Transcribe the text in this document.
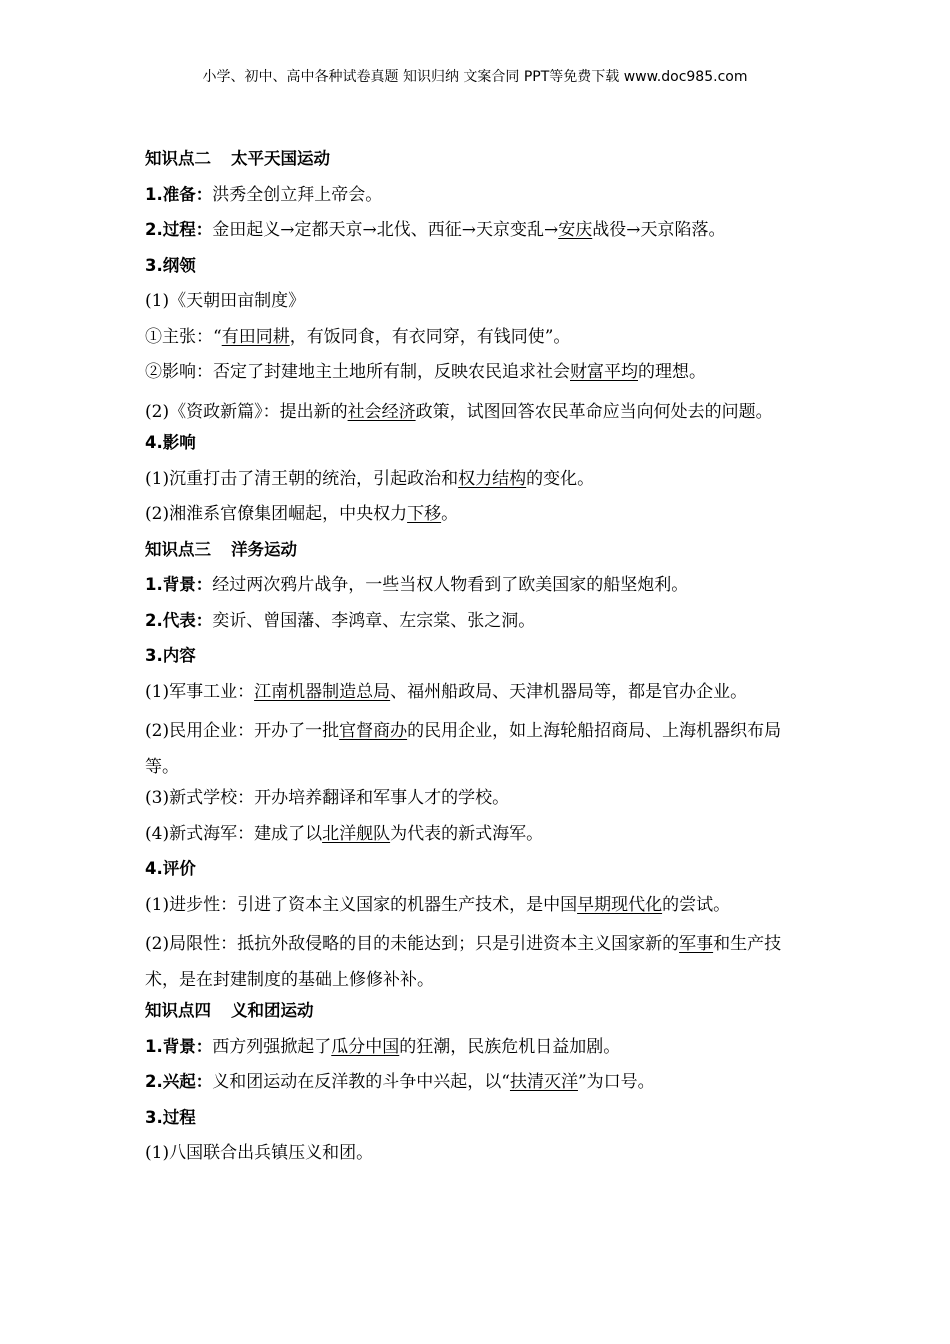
小学、初中、高中各种试卷真题 知识归纳 文案合同 PPT等免费下载 www.doc985.com
知识点二 太平天国运动
1.准备：洪秀全创立拜上帝会。
2.过程：金田起义→定都天京→北伐、西征→天京变乱→安庆战役→天京陷落。
3.纲领
(1)《天朝田亩制度》
①主张：“有田同耕，有饭同食，有衣同穿，有钱同使”。
②影响：否定了封建地主土地所有制，反映农民追求社会财富平均的理想。
(2)《资政新篇》：提出新的社会经济政策，试图回答农民革命应当向何处去的问题。
4.影响
(1)沉重打击了清王朝的统治，引起政治和权力结构的变化。
(2)湘淮系官僚集团崛起，中央权力下移。
知识点三 洋务运动
1.背景：经过两次鸦片战争，一些当权人物看到了欧美国家的船坚炮利。
2.代表：奕䜣、曾国藩、李鸿章、左宗棠、张之洞。
3.内容
(1)军事工业：江南机器制造总局、福州船政局、天津机器局等，都是官办企业。
(2)民用企业：开办了一批官督商办的民用企业，如上海轮船招商局、上海机器织布局等。
(3)新式学校：开办培养翻译和军事人才的学校。
(4)新式海军：建成了以北洋舰队为代表的新式海军。
4.评价
(1)进步性：引进了资本主义国家的机器生产技术，是中国早期现代化的尝试。
(2)局限性：抵抗外敌侵略的目的未能达到；只是引进资本主义国家新的军事和生产技术，是在封建制度的基础上修修补补。
知识点四 义和团运动
1.背景：西方列强掀起了瓜分中国的狂潮，民族危机日益加剧。
2.兴起：义和团运动在反洋教的斗争中兴起，以“扶清灭洋”为口号。
3.过程
(1)八国联合出兵镇压义和团。
